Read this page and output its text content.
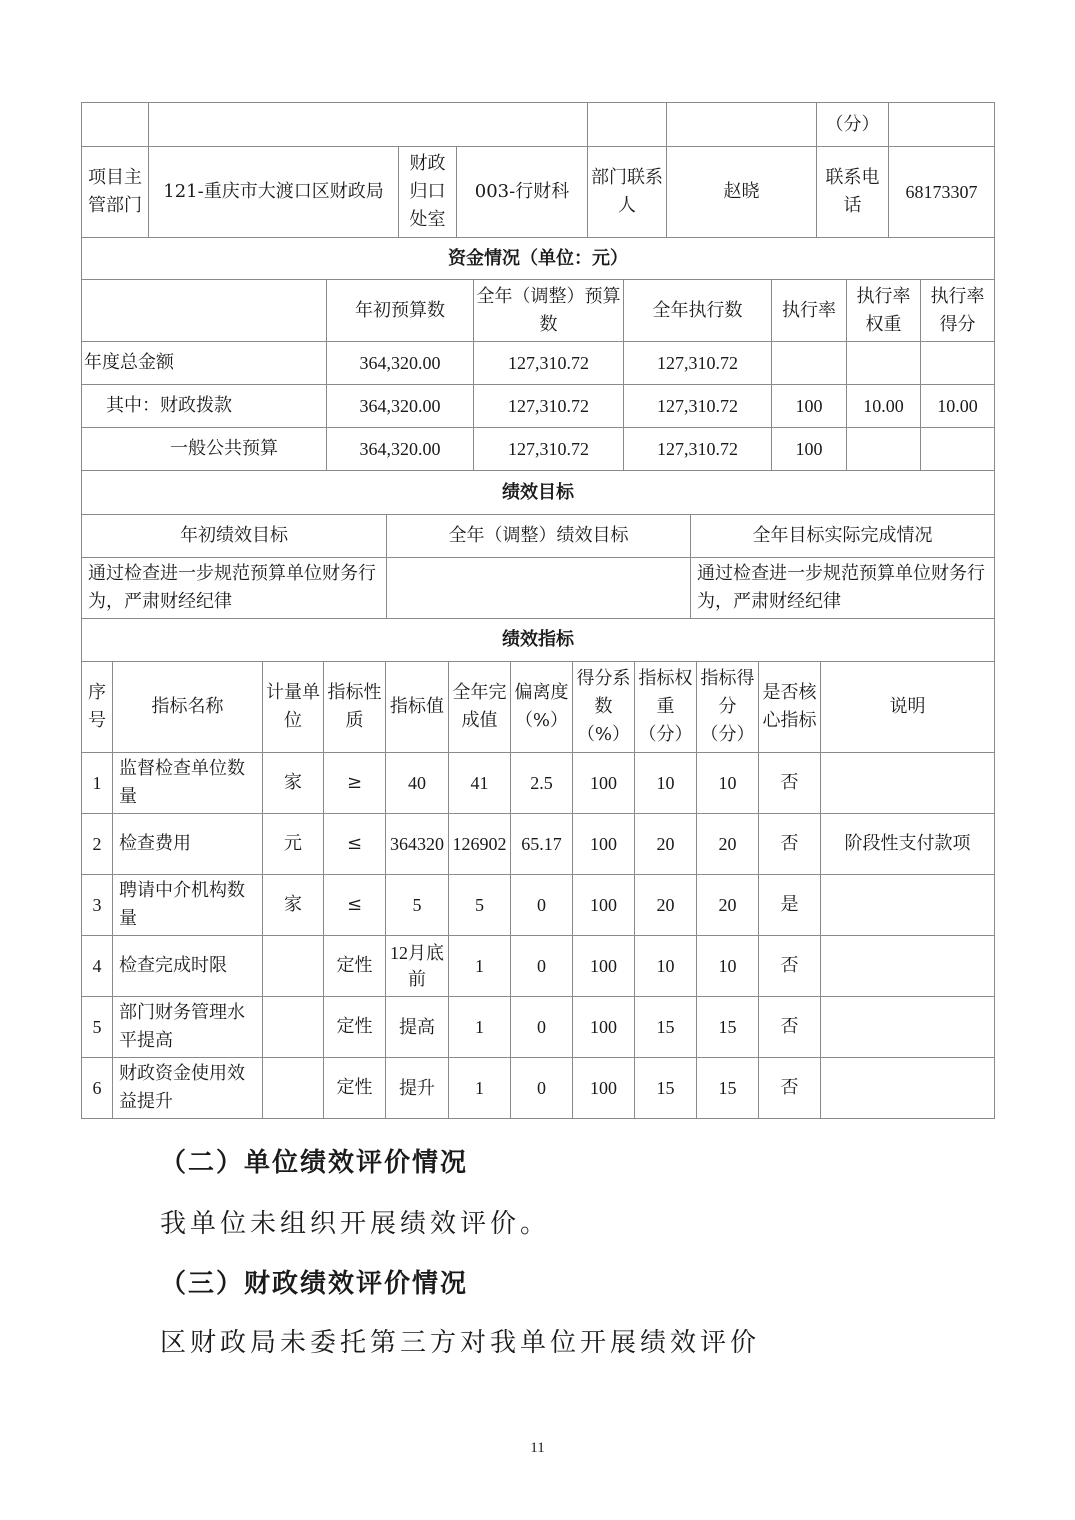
						（分）	
项目主管部门	121-重庆市大渡口区财政局	财政归口处室	003-行财科	部门联系人	赵晓	联系电话	68173307
资金情况（单位：元）						
	年初预算数	全年（调整）预算数	全年执行数	执行率	执行率权重	执行率得分
年度总金额	364,320.00	127,310.72	127,310.72			
其中：财政拨款	364,320.00	127,310.72	127,310.72	100	10.00	10.00
一般公共预算	364,320.00	127,310.72	127,310.72	100		
绩效目标		
年初绩效目标	全年（调整）绩效目标	全年目标实际完成情况
通过检查进一步规范预算单位财务行为，严肃财经纪律		通过检查进一步规范预算单位财务行为，严肃财经纪律
绩效指标		
序号	指标名称	计量单位	指标性质	指标值	全年完成值	偏离度（%）	得分系数（%）	指标权重（分）	指标得分（分）	是否核心指标	说明
1	监督检查单位数量	家	≥	40	41	2.5	100	10	10	否	
2	检查费用	元	≤	364320	126902	65.17	100	20	20	否	阶段性支付款项
3	聘请中介机构数量	家	≤	5	5	0	100	20	20	是	
4	检查完成时限		定性	12月底前	1	0	100	10	10	否	
5	部门财务管理水平提高		定性	提高	1	0	100	15	15	否	
6	财政资金使用效益提升		定性	提升	1	0	100	15	15	否	
（二）单位绩效评价情况
我单位未组织开展绩效评价。
（三）财政绩效评价情况
区财政局未委托第三方对我单位开展绩效评价
11
